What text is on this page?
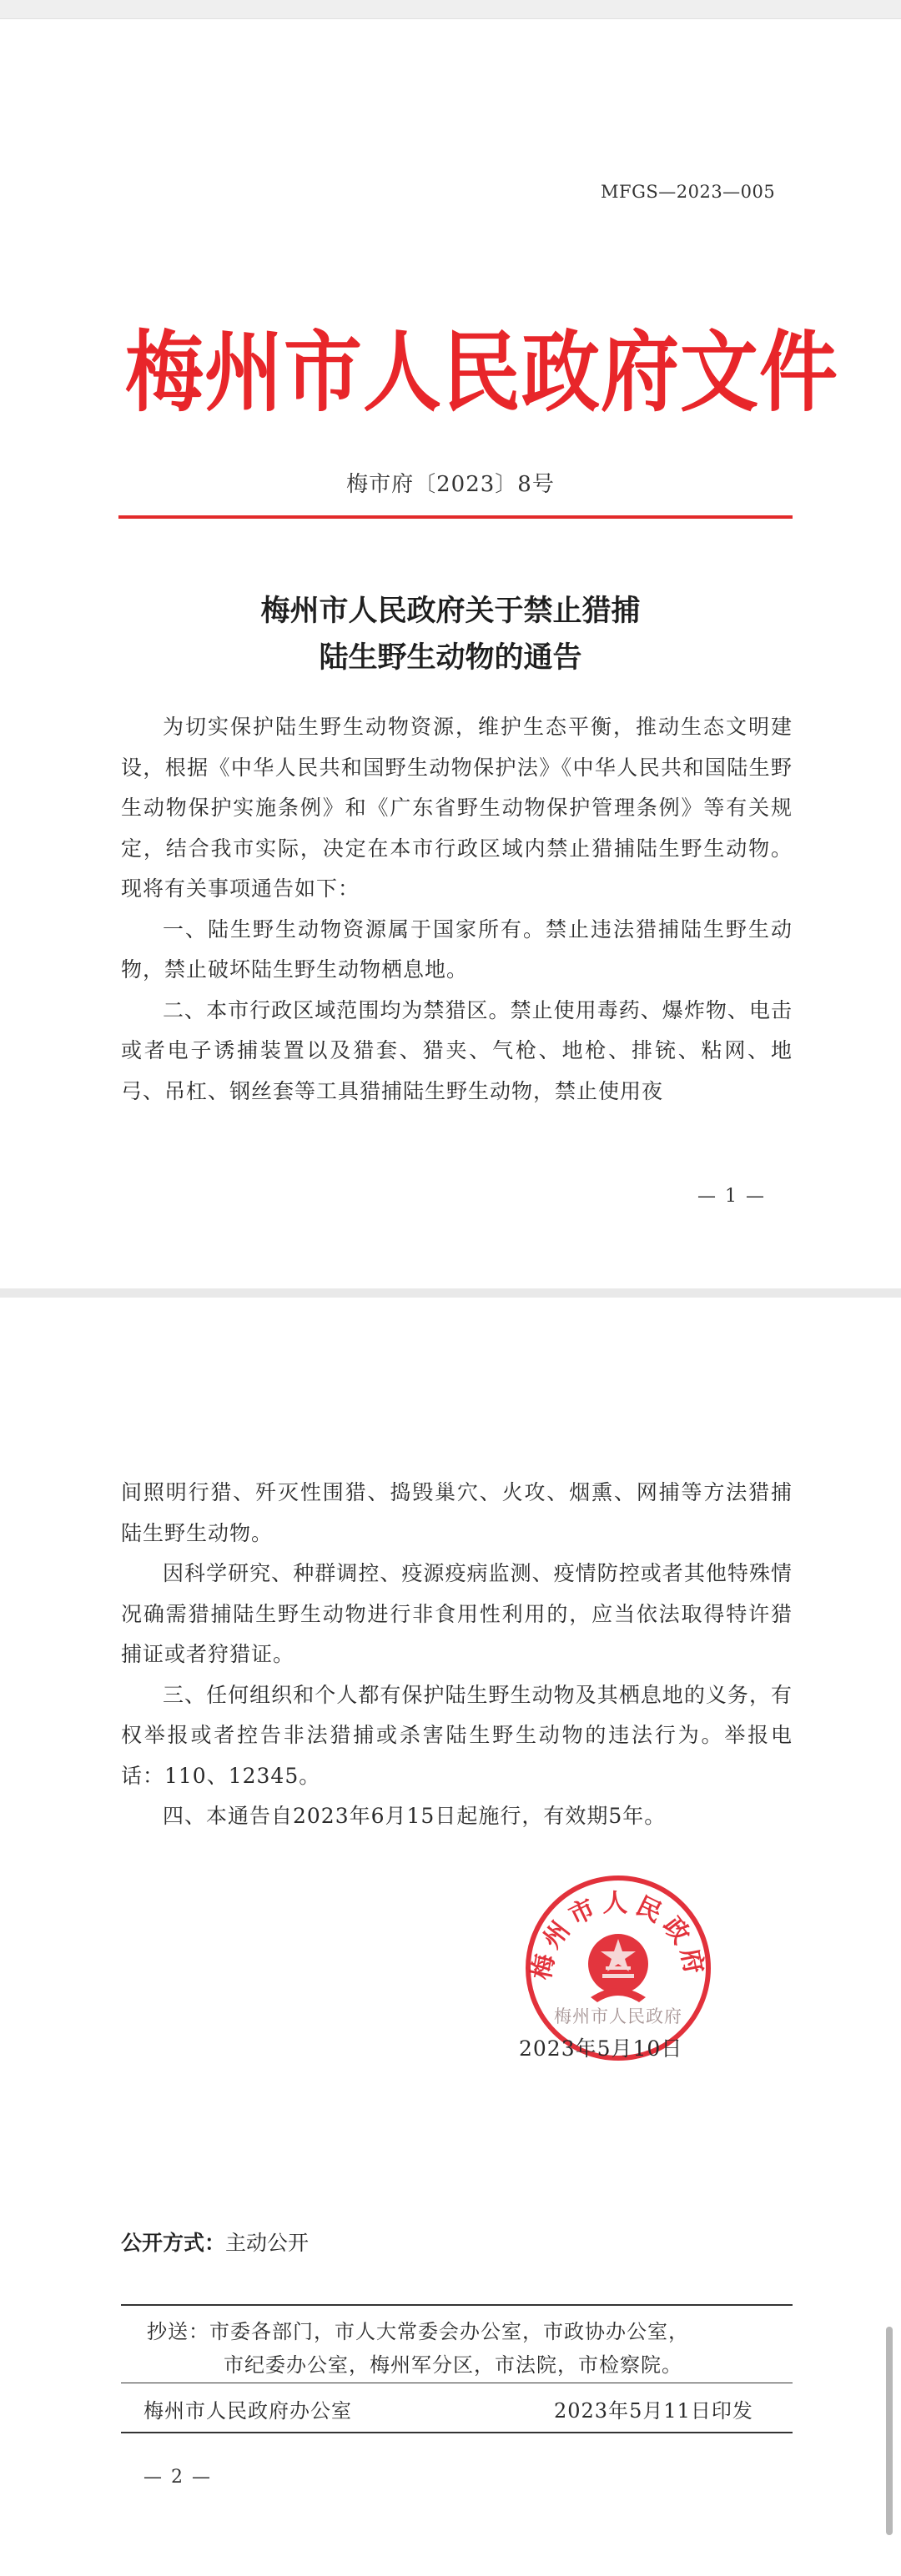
MFGS—2023—005
梅州市人民政府文件
梅市府〔2023〕8号
梅州市人民政府关于禁止猎捕
陆生野生动物的通告

为切实保护陆生野生动物资源，维护生态平衡，推动生态文明建设，根据《中华人民共和国野生动物保护法》《中华人民共和国陆生野生动物保护实施条例》和《广东省野生动物保护管理条例》等有关规定，结合我市实际，决定在本市行政区域内禁止猎捕陆生野生动物。现将有关事项通告如下：

一、陆生野生动物资源属于国家所有。禁止违法猎捕陆生野生动物，禁止破坏陆生野生动物栖息地。

二、本市行政区域范围均为禁猎区。禁止使用毒药、爆炸物、电击或者电子诱捕装置以及猎套、猎夹、气枪、地枪、排铳、粘网、地弓、吊杠、钢丝套等工具猎捕陆生野生动物，禁止使用夜

— 1 —

间照明行猎、歼灭性围猎、捣毁巢穴、火攻、烟熏、网捕等方法猎捕陆生野生动物。

因科学研究、种群调控、疫源疫病监测、疫情防控或者其他特殊情况确需猎捕陆生野生动物进行非食用性利用的，应当依法取得特许猎捕证或者狩猎证。

三、任何组织和个人都有保护陆生野生动物及其栖息地的义务，有权举报或者控告非法猎捕或杀害陆生野生动物的违法行为。举报电话：110、12345。

四、本通告自2023年6月15日起施行，有效期5年。

梅州市人民政府
梅州市人民政府
2023年5月10日
公开方式：主动公开
抄送：市委各部门，市人大常委会办公室，市政协办公室，
市纪委办公室，梅州军分区，市法院，市检察院。
梅州市人民政府办公室	2023年5月11日印发
— 2 —
